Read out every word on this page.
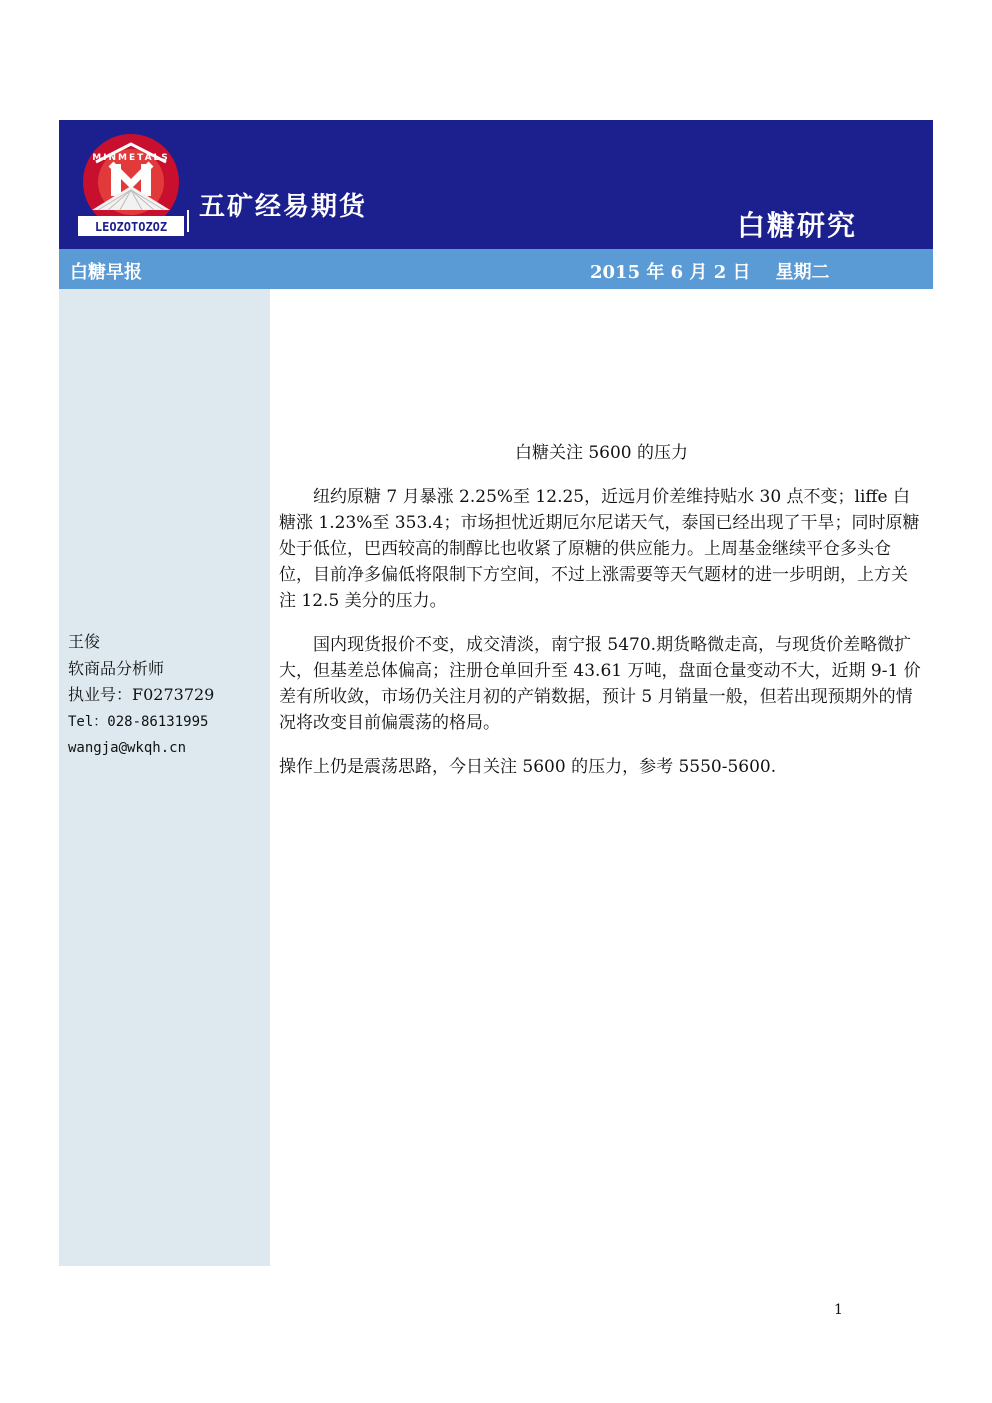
LEOZOTOZOZ
MINMETALS
五矿经易期货
白糖研究
白糖早报	2015 年 6 月 2 日    星期二
王俊
软商品分析师
执业号：F0273729
Tel：028-86131995
wangja@wkqh.cn
白糖关注 5600 的压力

纽约原糖 7 月暴涨 2.25%至 12.25，近远月价差维持贴水 30 点不变；liffe 白糖涨 1.23%至 353.4；市场担忧近期厄尔尼诺天气，泰国已经出现了干旱；同时原糖处于低位，巴西较高的制醇比也收紧了原糖的供应能力。上周基金继续平仓多头仓位，目前净多偏低将限制下方空间，不过上涨需要等天气题材的进一步明朗，上方关注 12.5 美分的压力。

国内现货报价不变，成交清淡，南宁报 5470.期货略微走高，与现货价差略微扩大，但基差总体偏高；注册仓单回升至 43.61 万吨，盘面仓量变动不大，近期 9-1 价差有所收敛，市场仍关注月初的产销数据，预计 5 月销量一般，但若出现预期外的情况将改变目前偏震荡的格局。

操作上仍是震荡思路，今日关注 5600 的压力，参考 5550-5600.

1
